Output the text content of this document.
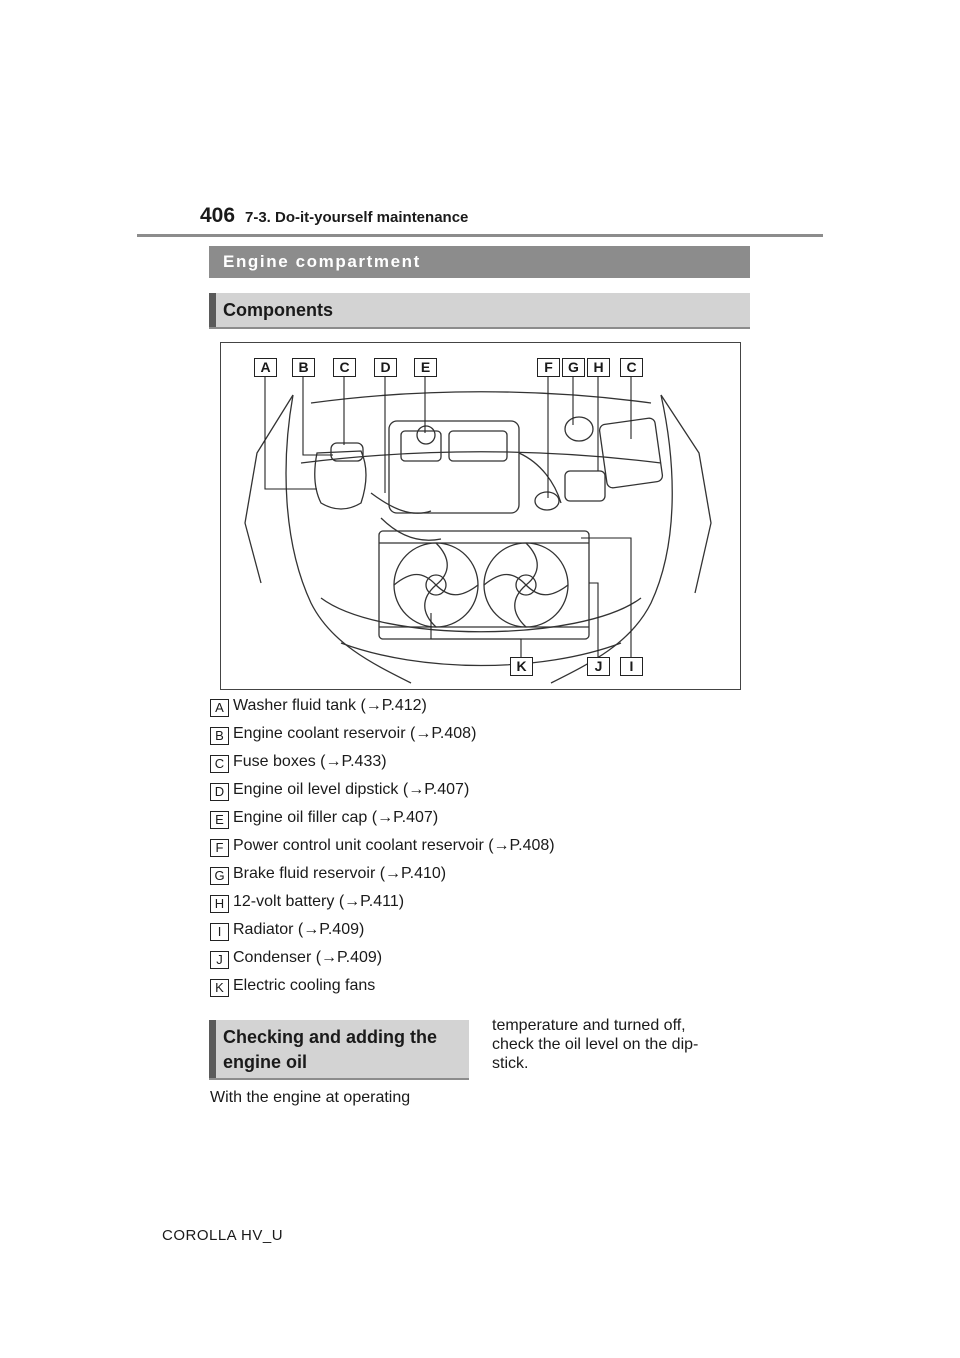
406 7-3. Do-it-yourself maintenance
Engine compartment
Components
A	B	C	D	E	F	G	H	C
K	J	I
A Washer fluid tank (→P.412)
B Engine coolant reservoir (→P.408)
C Fuse boxes (→P.433)
D Engine oil level dipstick (→P.407)
E Engine oil filler cap (→P.407)
F Power control unit coolant reservoir (→P.408)
G Brake fluid reservoir (→P.410)
H 12-volt battery (→P.411)
I Radiator (→P.409)
J Condenser (→P.409)
K Electric cooling fans
Checking and adding the
engine oil
With the engine at operating
temperature and turned off,
check the oil level on the dip-
stick.
COROLLA HV_U
